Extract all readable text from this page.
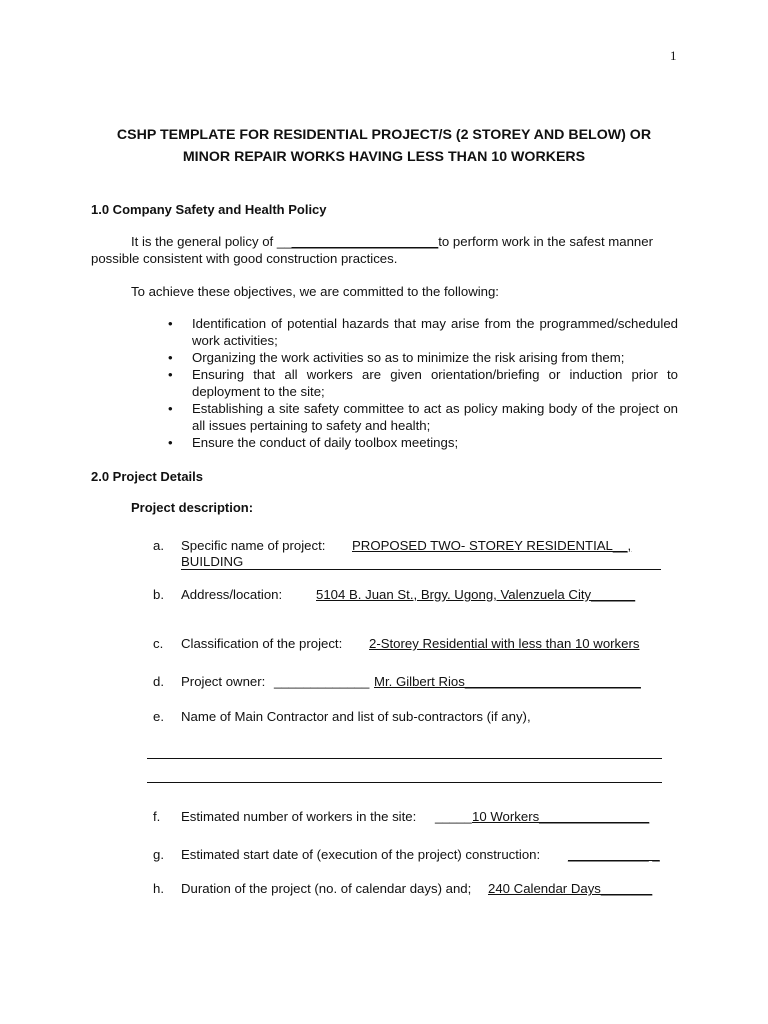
1
CSHP TEMPLATE FOR RESIDENTIAL PROJECT/S (2 STOREY AND BELOW) OR
MINOR REPAIR WORKS HAVING LESS THAN 10 WORKERS
1.0 Company Safety and Health Policy
It is the general policy of ______________________to perform work in the safest manner
possible consistent with good construction practices.
To achieve these objectives, we are committed to the following:
• Identification of potential hazards that may arise from the programmed/scheduled work activities;
• Organizing the work activities so as to minimize the risk arising from them;
• Ensuring that all workers are given orientation/briefing or induction prior to deployment to the site;
• Establishing a site safety committee to act as policy making body of the project on all issues pertaining to safety and health;
• Ensure the conduct of daily toolbox meetings;
2.0 Project Details
Project description:
a. Specific name of project: PROPOSED TWO- STOREY RESIDENTIAL__,
BUILDING
b. Address/location:	5104 B. Juan St., Brgy. Ugong, Valenzuela City______
c. Classification of the project: 2-Storey Residential with less than 10 workers
d. Project owner: _____________ Mr. Gilbert Rios________________________
e. Name of Main Contractor and list of sub-contractors (if any),
f. Estimated number of workers in the site: _____ 10 Workers_______________
g. Estimated start date of (execution of the project) construction: ___________ _
h. Duration of the project (no. of calendar days) and; 240 Calendar Days_______
